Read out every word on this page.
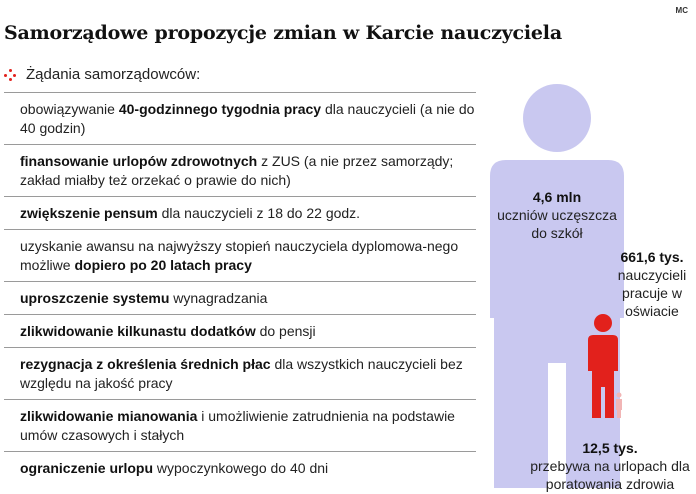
MC
Samorządowe propozycje zmian w Karcie nauczyciela
Żądania samorządowców:
obowiązywanie 40-godzinnego tygodnia pracy dla nauczycieli (a nie do 40 godzin)
finansowanie urlopów zdrowotnych z ZUS (a nie przez samorządy; zakład miałby też orzekać o prawie do nich)
zwiększenie pensum dla nauczycieli z 18 do 22 godz.
uzyskanie awansu na najwyższy stopień nauczyciela dyplomowa-nego możliwe dopiero po 20 latach pracy
uproszczenie systemu wynagradzania
zlikwidowanie kilkunastu dodatków do pensji
rezygnacja z określenia średnich płac dla wszystkich nauczycieli bez względu na jakość pracy
zlikwidowanie mianowania i umożliwienie zatrudnienia na podstawie umów czasowych i stałych
ograniczenie urlopu wypoczynkowego do 40 dni
4,6 mln
uczniów uczęszcza do szkół
661,6 tys.
nauczycieli pracuje w oświacie
12,5 tys.
przebywa na urlopach dla poratowania zdrowia
